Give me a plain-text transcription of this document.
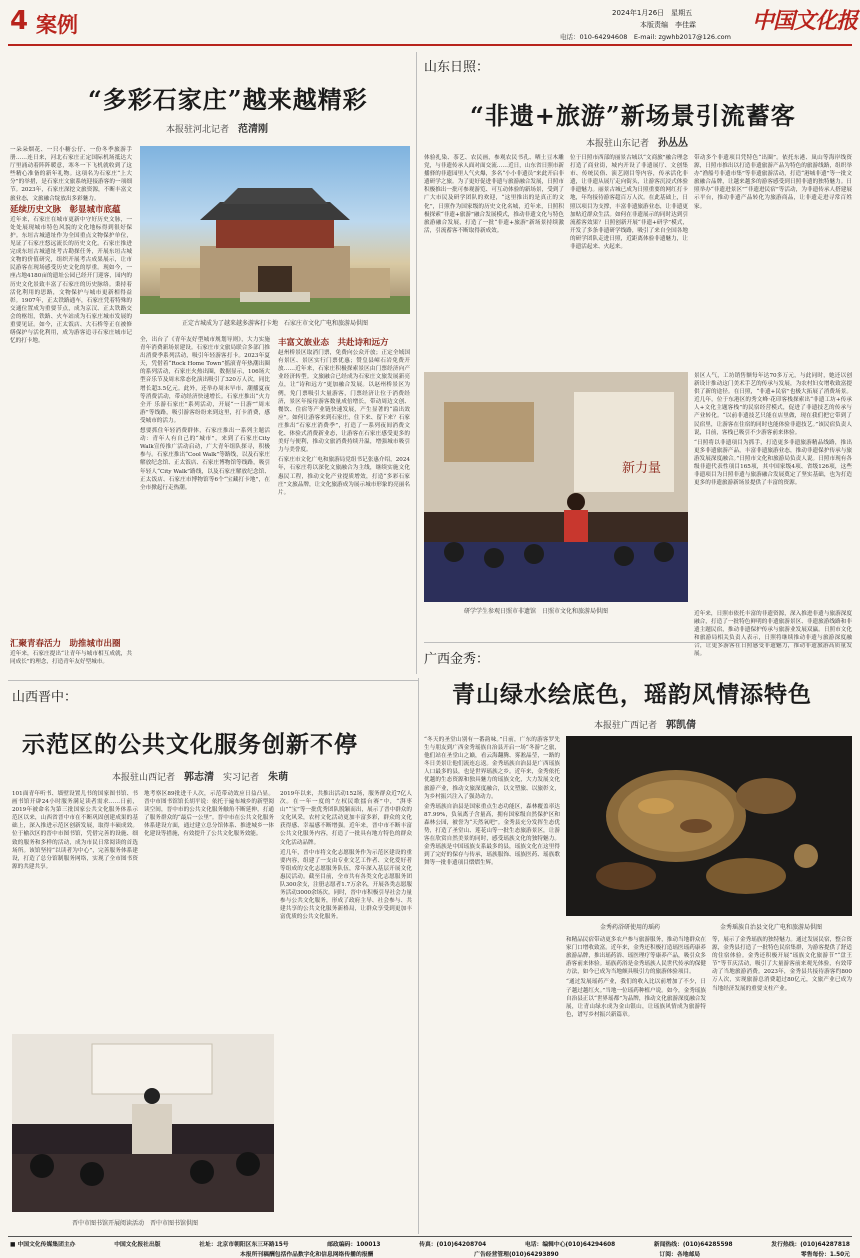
4 案例	2024年1月26日　星期五
本版责编　李佳霖
电话：010-64294608　E-mail: zgwhb2017@126.com
中国文化报
“多彩石家庄”越来越精彩
本报驻河北记者　 范清刚

一朵朵烟花、一只小糖公仔、一份冬季旅游手册……连日来，河北石家庄正定国际机场抵达大厅里涌动着阵阵暖意，寒冬一下飞机就收到了这些精心准备的新年礼物。这项名为石家庄“上大分”的举措，是石家庄文旅系统迎接游客的一项细节。2023年，石家庄深挖文旅资源，不断丰富文旅业态，文旅融合绽放出多彩魅力。

延续历史文脉　彰显城市底蕴

近年来，石家庄在城市更新中守好历史文脉，一处处展现城市特色风貌的文化地标得到很好保护。东垣古城遗址作为全国重点文物保护单位，见证了石家庄悠远流长的历史文化。石家庄推进完成东垣古城遗址考古勘探任务，开展东垣古城文物的价值研究，组织开展考古成果展示，让市民游客在现场感受历史文化的厚重。现如今，一座占地4180亩的遗址公园已经开门迎客，园内的历史文化景致丰富了石家庄的历史脉络。秉持着活化利用的思路，文物保护与城市更新相得益彰。1907年，正太铁路通车，石家庄凭着特殊的交通位置成为重要节点，成为京汉、正太铁路交会的枢纽，铁路、火车站成为石家庄城市发展的重要见证。如今，正太饭店、大石桥等正在被修缮保护与活化利用，成为游客追寻石家庄城市记忆的打卡地。

汇聚青春活力　助推城市出圈
近年来，石家庄提出“让青年与城市相互成就，共同成长”的理念，打造青年友好型城市。
正定古城成为了越来越多游客打卡地　 石家庄市文化广电和旅游局供图

全，出台了《青年友好型城市规划导则》，大力实施青年消费新场景建设。石家庄市文旅局联合多部门推出消费季系列活动，吸引年轻游客打卡。2023年夏天，凭借着“Rock Home Town”摇滚青年热潮出圈的系列活动，石家庄火热出圈，数据显示，106场大型音乐节及周末常态化演出吸引了320万人次，同比增长超3.5亿元。此外，还举办周末早市、潮播夏夜等消费活动，带动经济快速增长。石家庄推出“火力全开 乐游石家庄”系列活动，开展“一日游”“周末游”等线路，吸引游客纷纷来到这里，打卡消费，感受城市的活力。

想要抓住年轻消费群体，石家庄推出一系列主题活动：青年人有自己的“城市”，来到了石家庄City Walk宣传推广活动启动，广大青年组队探寻，积极参与。石家庄推出“Cool Walk”等路线，以及石家庄解放纪念馆、正太饭店、石家庄博物馆等线路，吸引年轻人“City Walk”路线，以及石家庄解放纪念馆、正太饭店、石家庄市博物馆等6个“宝藏打卡地”，在全市掀起行走热潮。

丰富文旅业态　共赴诗和远方

赵州桥景区取消门票，免费向公众开放；正定全域国有景区、景区实行门票优惠；赞皇县嶂石岩免费开放……近年来，石家庄积极探索景区由门票经济向产业经济转型。文旅融合已经成为石家庄文旅发展新亮点，让“诗和远方”更加融合发展。以赵州桥景区为例，免门票吸引大量游客，门票经济让位于消费经济，景区年接待游客数量成倍增长，带动周边文创、餐饮、住宿等产业链快速发展，产生显著的“溢出效应”。如何让游客来到石家庄，住下来、留下来？石家庄推出“石家庄消费季”，打造了一系列夜间消费文化、体验式消费新业态，让游客在石家庄感受更多的美好与便利，推动文旅消费持续升温，增强城市吸引力与美誉度。

石家庄市文化广电和旅游局党组书记张惠介绍，2024年，石家庄将以深化文旅融合为主线，继续实施文化惠民工程，推动文化产业提质增效，打造“多彩石家庄”文旅品牌，让文化旅游成为展示城市形象的亮丽名片。

山东日照：
“非遗+旅游”新场景引流蓄客
本报驻山东记者　 孙丛丛
体验扎染、茶艺、农民画，参观农民书孔、晒土豆木雕党，与非遗传承人面对面交流……近日，山东省日照市新播驿的非遗园里人气火爆，多名“小小非遗员”来此开启非遗研学之旅。为了更好促进非遗与旅游融合发展，日照市积极推出一批可参观游览、可互动体验的新场景，受到了广大市民及研学团队的欢迎，“这里推出的是真正的文化”，日照作为国家级的历史文化名城，近年来，日照积极探索“非遗+旅游”融合发展模式，推动非遗文化与特色旅游融合发展，打造了一批“非遗+旅游”新场景持续激活，引流蓄客不断取得新成效。
位于日照市西部的丽景古城以“文商旅”融合理念打造了商业街，城内开设了非遗展厅、文创集市、传统民俗、演艺剧目等内容，传承活化非遗，让非遗从展厅走向街头，让游客沉浸式体验非遗魅力。丽景古城已成为日照重要的网红打卡地，年均接待游客超百万人次。在此基础上，日照以项目为支撑，丰富非遗旅游业态，让非遗更加贴近群众生活。如何在非遗展示的同时达到引流蓄客效果？日照创新开展“非遗+研学”模式，开发了多条非遗研学线路，吸引了来自全国各地的研学团队走进日照，近距离体验非遗魅力，让非遗活起来、火起来。
带动多个非遗项目凭特色“出圈”。依托东港、岚山等海岸线资源，日照市推出以打造非遗旅游产品为特色的旅游线路，组织举办“渔船号非遗市集”等非遗旅游活动，打造“港城非遗”等一批文旅融合品牌，让越来越多的游客感受到日照非遗的独特魅力。日照举办“非遗进景区”“非遗进民宿”等活动，为非遗传承人搭建展示平台，推动非遗产品转化为旅游商品，让非遗走进寻常百姓家。
新力量
研学学生参观日照市非遗馆　日照市文化和旅游局供图

景区人气，工坊销售额每年达70多万元，与此同时，她还以创新设计推动这门美术手艺的传承与发展，为农村妇女增收致富提供了新的途径。在日照，“非遗+民宿”也极大拓展了消费场景。近几年，位于东港区的秀文峰·花印客栈探索出“非遗工坊+传承人+文化主题客栈”的民宿经营模式，促进了非遗技艺的传承与产业转化。“以前非遗技艺只能在店里做，现在我们把它带到了民宿里，让游客在住宿的同时也能体验非遗技艺。”该民宿负责人说，目前，客栈已吸引不少游客前来体验。

“日照将以非遗项目为抓手，打造更多非遗旅游精品线路，推出更多非遗旅游产品，丰富非遗旅游业态，推动非遗保护传承与旅游发展深度融合。”日照市文化和旅游局负责人说。日照市现有各级非遗代表性项目165项，其中国家级4项、省级126项，这些非遗项目为日照非遗与旅游融合发展奠定了坚实基础，也为打造更多的非遗旅游新场景提供了丰富的资源。

近年来，日照市依托丰富的非遗资源，深入推进非遗与旅游深度融合，打造了一批特色鲜明的非遗旅游景区、非遗旅游线路和非遗主题民宿，推动非遗保护传承与旅游业发展双赢。日照市文化和旅游局相关负责人表示，日照将继续推动非遗与旅游深度融合，让更多游客在日照感受非遗魅力，推动非遗旅游高质量发展。
广西金秀：
青山绿水绘底色，瑶韵风情添特色
本报驻广西记者　 郭凯倩

“冬天的圣堂山别有一番韵味。”日前，广东的游客罗先生与朋友到广西金秀瑶族自治县开启一场“冬游”之旅，他们站在圣堂山之巅，看云海翻腾、雾凇晶莹，一路的冬日美景让他们流连忘返。金秀瑶族自治县是广西瑶族人口最多的县，也是世界瑶族之乡。近年来，金秀依托优越的生态资源和独具魅力的瑶族文化，大力发展文化旅游产业，推动文旅深度融合，以文塑旅、以旅彰文，为乡村振兴注入了强劲动力。

金秀瑶族自治县是国家重点生态功能区，森林覆盖率达87.99%，负氧离子含量高，拥有国家级自然保护区和森林公园，被誉为“天然氧吧”。金秀县充分发挥生态优势，打造了圣堂山、莲花山等一批生态旅游景区，让游客在欣赏自然美景的同时，感受瑶族文化的独特魅力。金秀瑶族是中国瑶族支系最多的县，瑶族文化在这里得到了完好的保存与传承，瑶族服饰、瑶族医药、瑶族歌舞等一批非遗项目熠熠生辉。

金秀药浴研使用的瑶药	金秀瑶族自治县文化广电和旅游局供图

和精品民宿带动更多农户参与旅游服务，推动当地群众在家门口增收致富。近年来，金秀还积极打造瑶医瑶药康养旅游品牌，推出瑶药浴、瑶医理疗等康养产品，吸引众多游客前来体验。瑶族药浴是金秀瑶族人民世代传承的保健方法，如今已成为当地颇具吸引力的旅游体验项目。

“通过发展瑶药产业，我们的收入比以前增加了不少，日子越过越红火。”当地一位瑶药种植户说。如今，金秀瑶族自治县正以“世界瑶都”为品牌，推动文化旅游深度融合发展，让青山绿水成为金山银山，让瑶族风情成为旅游特色，谱写乡村振兴新篇章。

等，展示了金秀瑶族的独特魅力。通过发展民宿，整合资源，金秀县打造了一批特色民宿集群，为游客提供了舒适的住宿体验。金秀还积极开展“瑶族文化旅游节”“盘王节”等节庆活动，吸引了大量游客前来观光体验，有效带动了当地旅游消费。2023年，金秀县共接待游客约800万人次，实现旅游总消费超过80亿元，文旅产业已成为当地经济发展的重要支柱产业。
山西晋中：
示范区的公共文化服务创新不停
本报驻山西记者　 郭志清　 实习记者　 朱萌
101面青年听书、墙壁设置儿书的国家图书馆、书画书馆开辟24小时服务满足读者需求……日前，2019年被命名为第三批国家公共文化服务体系示范区以来，山西省晋中市在不断巩固创建成果的基础上，深入推进示范区创新发展，取得丰硕成效。位于榆次区的晋中市图书馆，凭借完善的设施、细致的服务和多样的活动，成为市民日常阅读的首选场所。该馆坚持“以读者为中心”，完善服务体系建设，打造了总分馆制服务网络，实现了全市图书资源的共建共享。
地考察区89批进千人次，示范带动效应日益凸显。晋中市图书馆馆长胡平说：依托于遍布城乡的新型阅读空间，晋中市的公共文化服务触角不断延伸，打通了服务群众的“最后一公里”。晋中市在公共文化服务体系建设方面，通过建立总分馆体系、推进城乡一体化建设等措施，有效提升了公共文化服务效能。

2019年以来，共推出活动152场，服务群众近7亿人次。在一年一度的“左权民歌擂台赛”中，“湃枣山”“宝”等一批优秀团队脱颖而出，展示了晋中群众的文化风采，农村文化活动更加丰富多彩，群众的文化获得感、幸福感不断增强。近年来，晋中市不断丰富公共文化服务内容，打造了一批具有地方特色的群众文化活动品牌。

近几年，晋中市将文化志愿服务作为示范区建设的重要内容，组建了一支由专业文艺工作者、文化爱好者等组成的文化志愿服务队伍，常年深入基层开展文化惠民活动。截至目前，全市共有各类文化志愿服务团队300余支，注册志愿者1.7万余名，开展各类志愿服务活动3000余场次。同时，晋中市积极引导社会力量参与公共文化服务，形成了政府主导、社会参与、共建共享的公共文化服务新格局，让群众享受到更加丰富优质的公共文化服务。

晋中市图书馆开展阅读活动　晋中市图书馆供图
■ 中国文化传媒集团主办	中国文化报社出版	社址：北京市朝阳区东三环路15号	邮政编码：100013	传真：(010)64208704	电话：编辑中心(010)64294608	新闻热线：(010)64285598	发行热线：(010)64287818
本报所刊稿酬包括作品数字化和信息网络传播的报酬	广告经营管理(010)64293890	订阅：各地邮局	零售每份：1.50元
